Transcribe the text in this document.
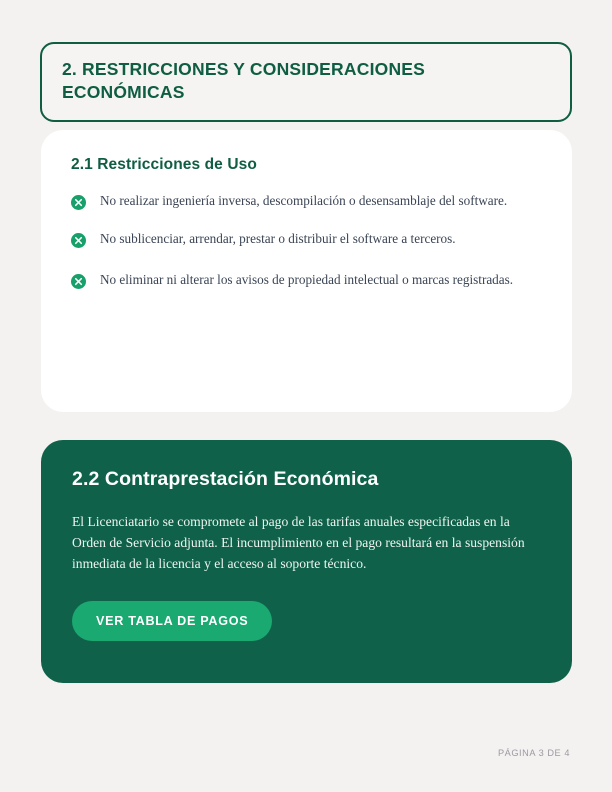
2. RESTRICCIONES Y CONSIDERACIONES ECONÓMICAS
2.1 Restricciones de Uso
No realizar ingeniería inversa, descompilación o desensamblaje del software.
No sublicenciar, arrendar, prestar o distribuir el software a terceros.
No eliminar ni alterar los avisos de propiedad intelectual o marcas registradas.
2.2 Contraprestación Económica

El Licenciatario se compromete al pago de las tarifas anuales especificadas en la Orden de Servicio adjunta. El incumplimiento en el pago resultará en la suspensión inmediata de la licencia y el acceso al soporte técnico.

VER TABLA DE PAGOS
PÁGINA 3 DE 4
